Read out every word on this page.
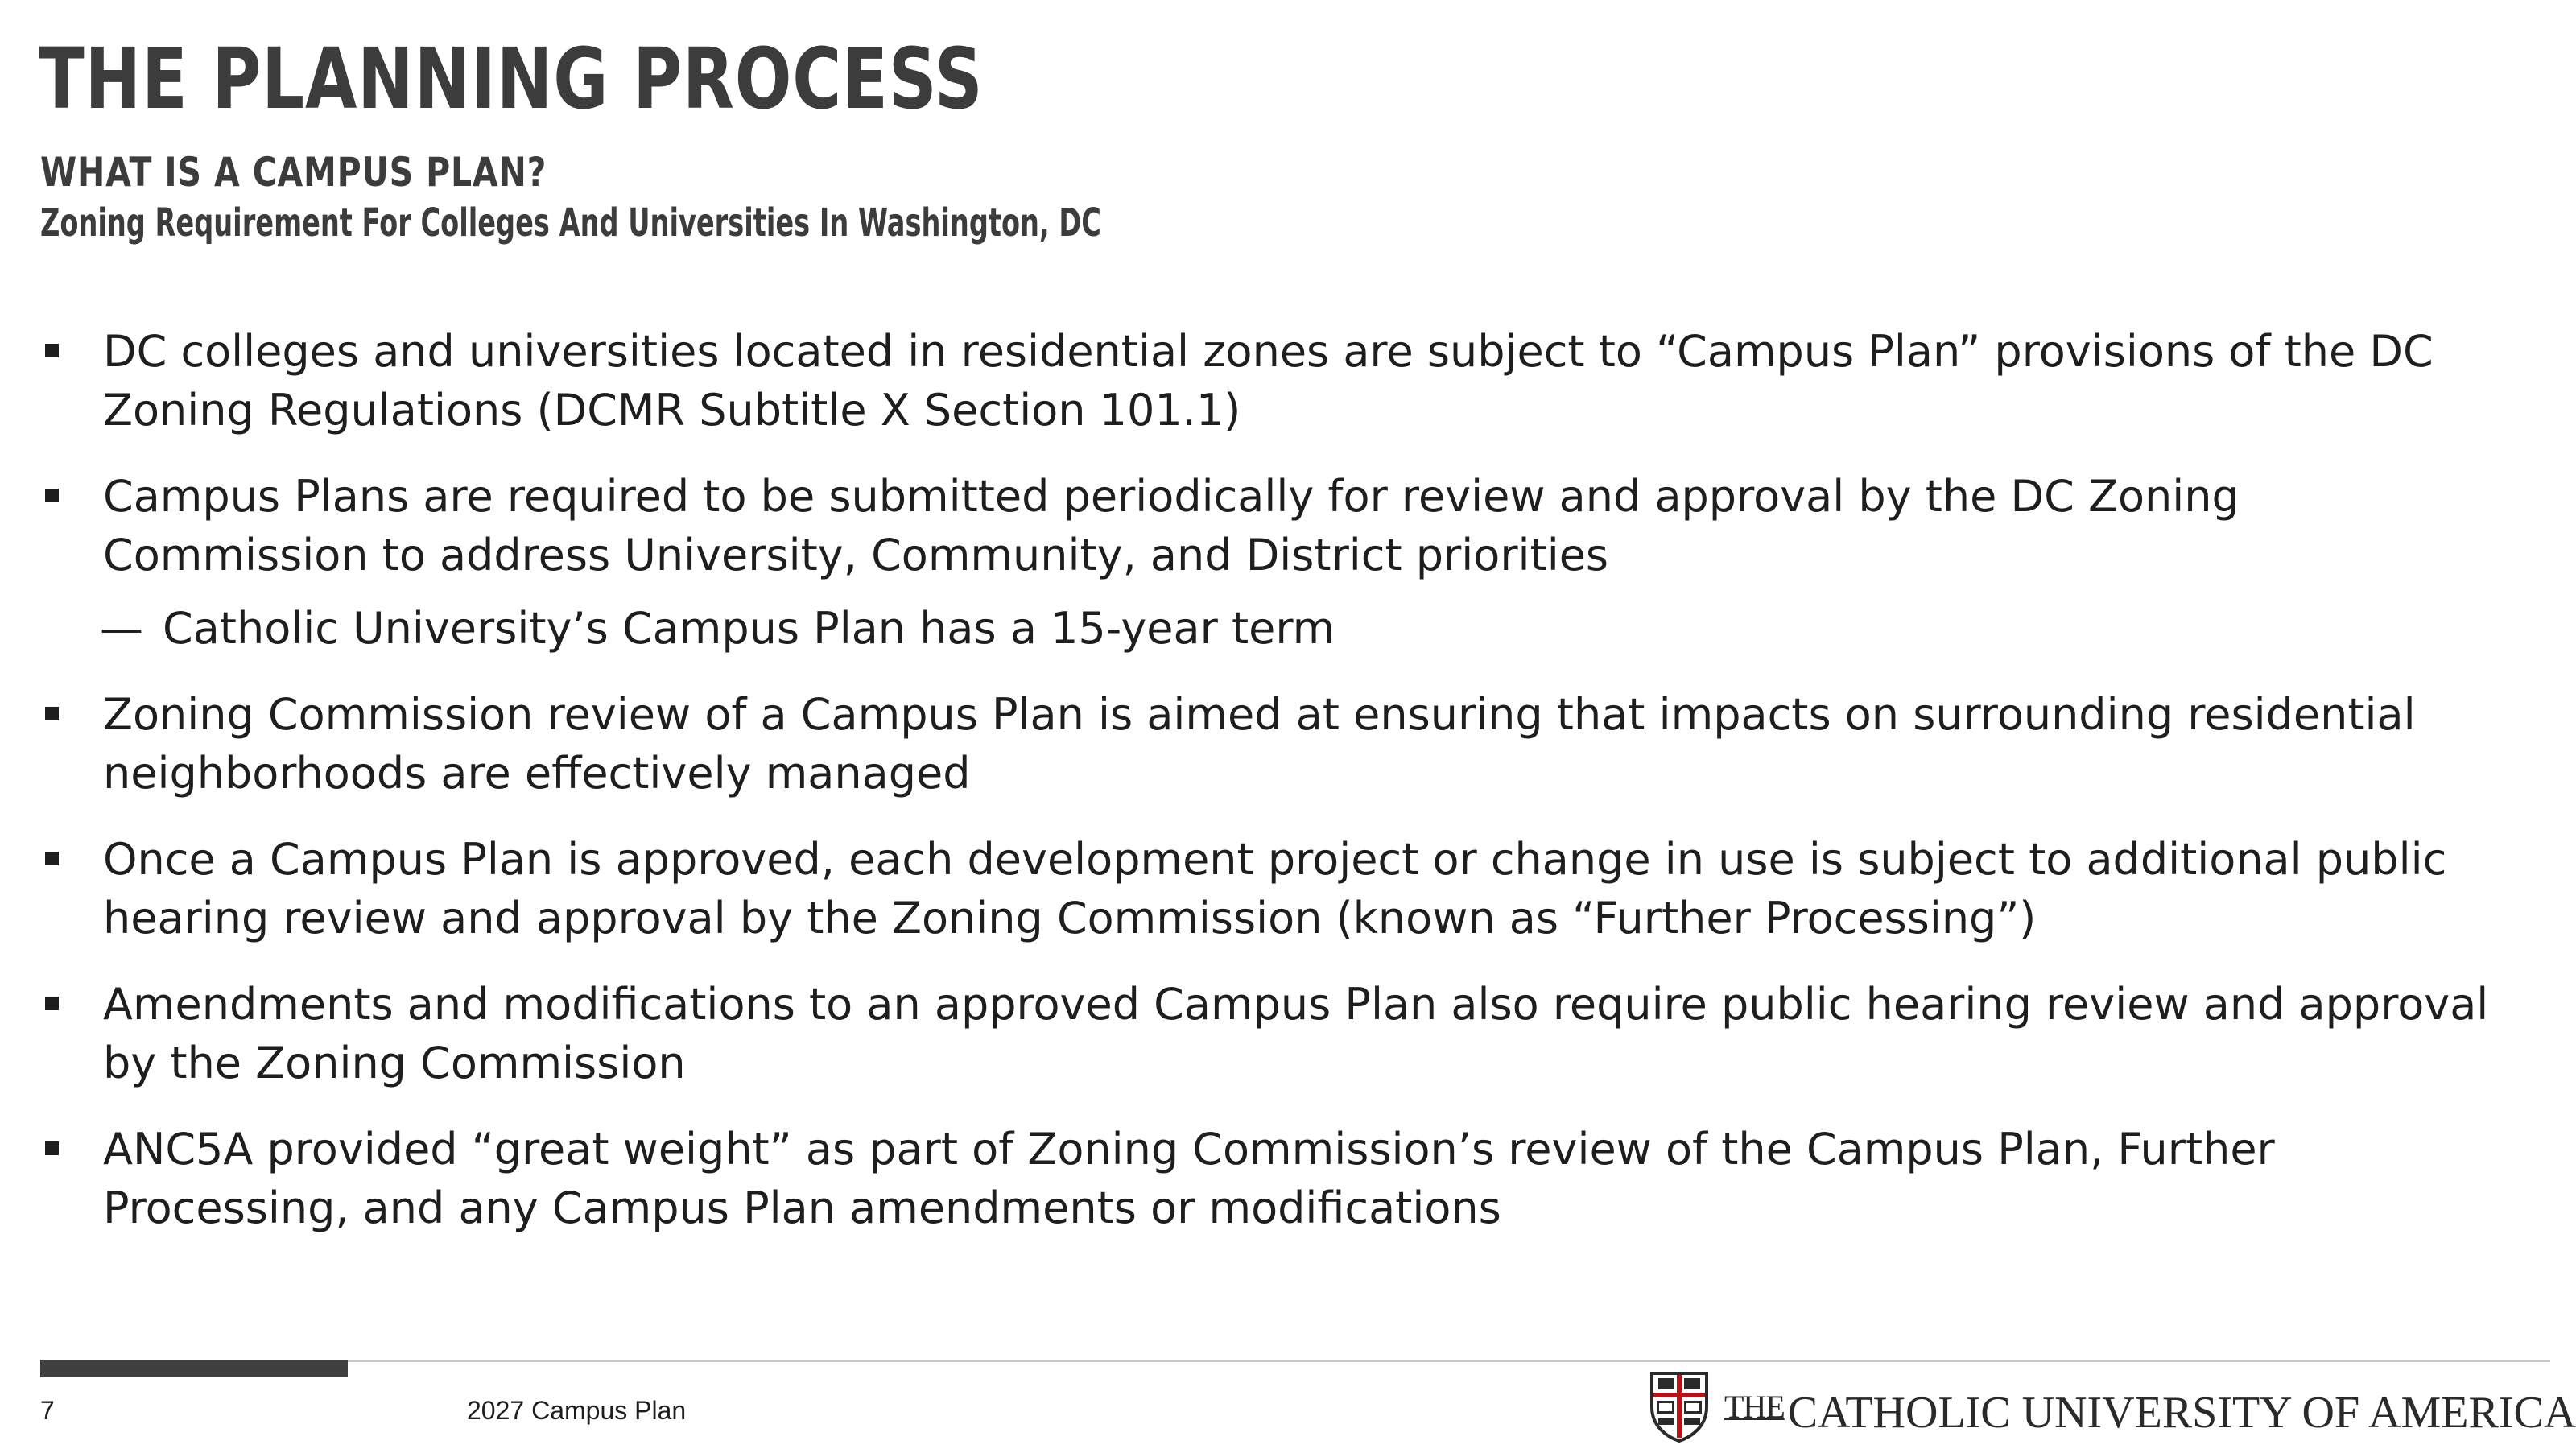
THE PLANNING PROCESS
WHAT IS A CAMPUS PLAN?

Zoning Requirement For Colleges And Universities In Washington, DC

DC colleges and universities located in residential zones are subject to “Campus Plan” provisions of the DC Zoning Regulations (DCMR Subtitle X Section 101.1)
Campus Plans are required to be submitted periodically for review and approval by the DC Zoning Commission to address University, Community, and District priorities
— Catholic University’s Campus Plan has a 15-year term
Zoning Commission review of a Campus Plan is aimed at ensuring that impacts on surrounding residential neighborhoods are effectively managed
Once a Campus Plan is approved, each development project or change in use is subject to additional public hearing review and approval by the Zoning Commission (known as “Further Processing”)
Amendments and modifications to an approved Campus Plan also require public hearing review and approval by the Zoning Commission
ANC5A provided “great weight” as part of Zoning Commission’s review of the Campus Plan, Further Processing, and any Campus Plan amendments or modifications
7	2027 Campus Plan	$^{THE}$CATHOLIC UNIVERSITY OF AMERICA
